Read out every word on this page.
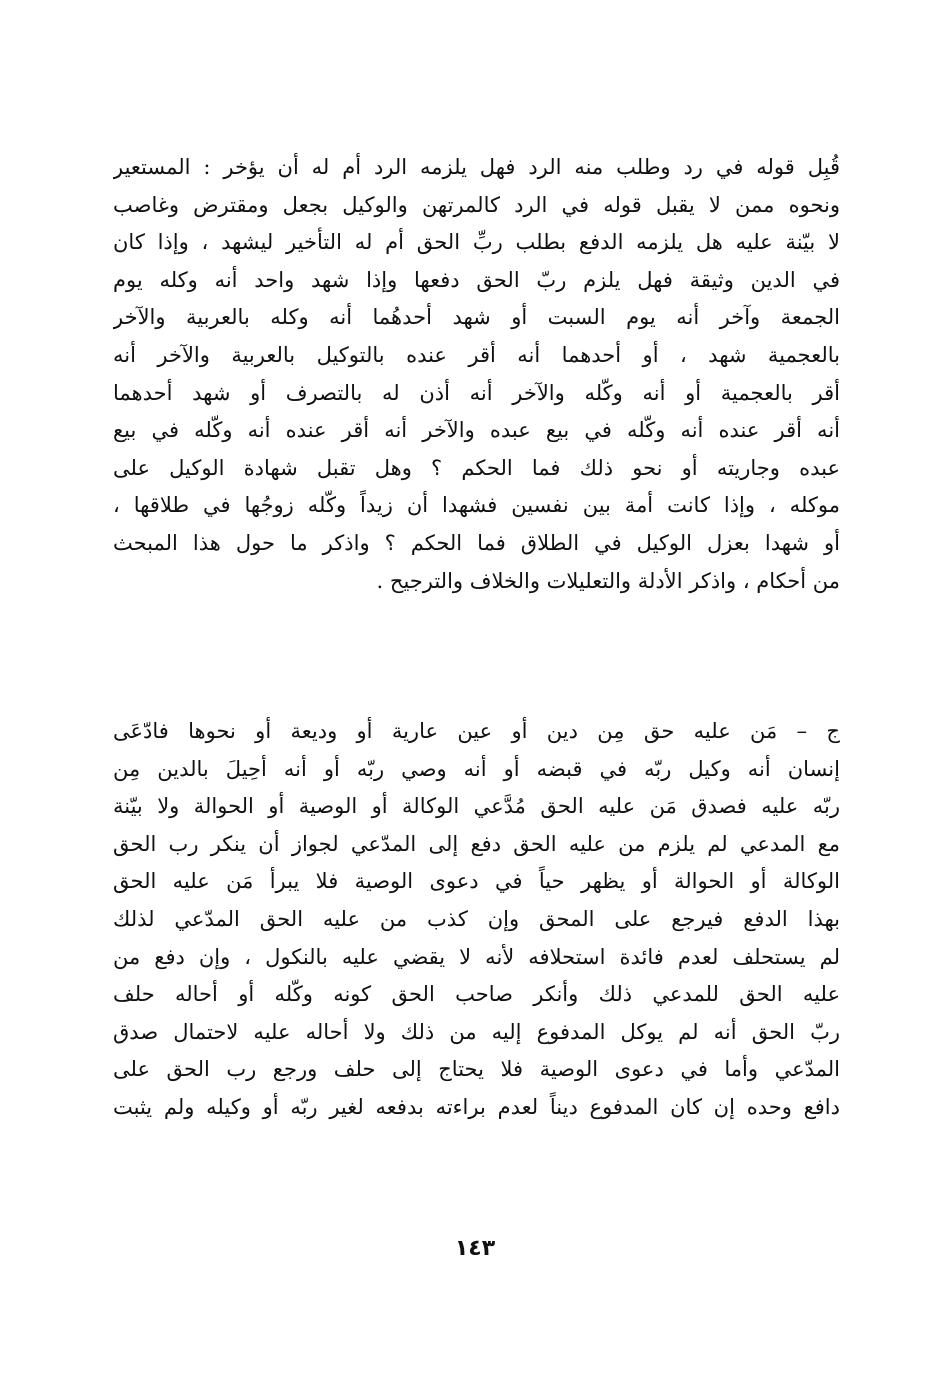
قُبِل قوله في رد وطلب منه الرد فهل يلزمه الرد أم له أن يؤخر : المستعير
ونحوه ممن لا يقبل قوله في الرد كالمرتهن والوكيل بجعل ومقترض وغاصب
لا بيّنة عليه هل يلزمه الدفع بطلب ربِّ الحق أم له التأخير ليشهد ، وإذا كان
في الدين وثيقة فهل يلزم ربّ الحق دفعها وإذا شهد واحد أنه وكله يوم
الجمعة وآخر أنه يوم السبت أو شهد أحدهُما أنه وكله بالعربية والآخر
بالعجمية شهد ، أو أحدهما أنه أقر عنده بالتوكيل بالعربية والآخر أنه
أقر بالعجمية أو أنه وكّله والآخر أنه أذن له بالتصرف أو شهد أحدهما
أنه أقر عنده أنه وكّله في بيع عبده والآخر أنه أقر عنده أنه وكّله في بيع
عبده وجاريته أو نحو ذلك فما الحكم ؟ وهل تقبل شهادة الوكيل على
موكله ، وإذا كانت أمة بين نفسين فشهدا أن زيداً وكّله زوجُها في طلاقها ،
أو شهدا بعزل الوكيل في الطلاق فما الحكم ؟ واذكر ما حول هذا المبحث
من أحكام ، واذكر الأدلة والتعليلات والخلاف والترجيح .
ج – مَن عليه حق مِن دين أو عين عارية أو وديعة أو نحوها فادّعَى
إنسان أنه وكيل ربّه في قبضه أو أنه وصي ربّه أو أنه أحِيلَ بالدين مِن
ربّه عليه فصدق مَن عليه الحق مُدَّعي الوكالة أو الوصية أو الحوالة ولا بيّنة
مع المدعي لم يلزم من عليه الحق دفع إلى المدّعي لجواز أن ينكر رب الحق
الوكالة أو الحوالة أو يظهر حياً في دعوى الوصية فلا يبرأ مَن عليه الحق
بهذا الدفع فيرجع على المحق وإن كذب من عليه الحق المدّعي لذلك
لم يستحلف لعدم فائدة استحلافه لأنه لا يقضي عليه بالنكول ، وإن دفع من
عليه الحق للمدعي ذلك وأنكر صاحب الحق كونه وكّله أو أحاله حلف
ربّ الحق أنه لم يوكل المدفوع إليه من ذلك ولا أحاله عليه لاحتمال صدق
المدّعي وأما في دعوى الوصية فلا يحتاج إلى حلف ورجع رب الحق على
دافع وحده إن كان المدفوع ديناً لعدم براءته بدفعه لغير ربّه أو وكيله ولم يثبت
١٤٣
